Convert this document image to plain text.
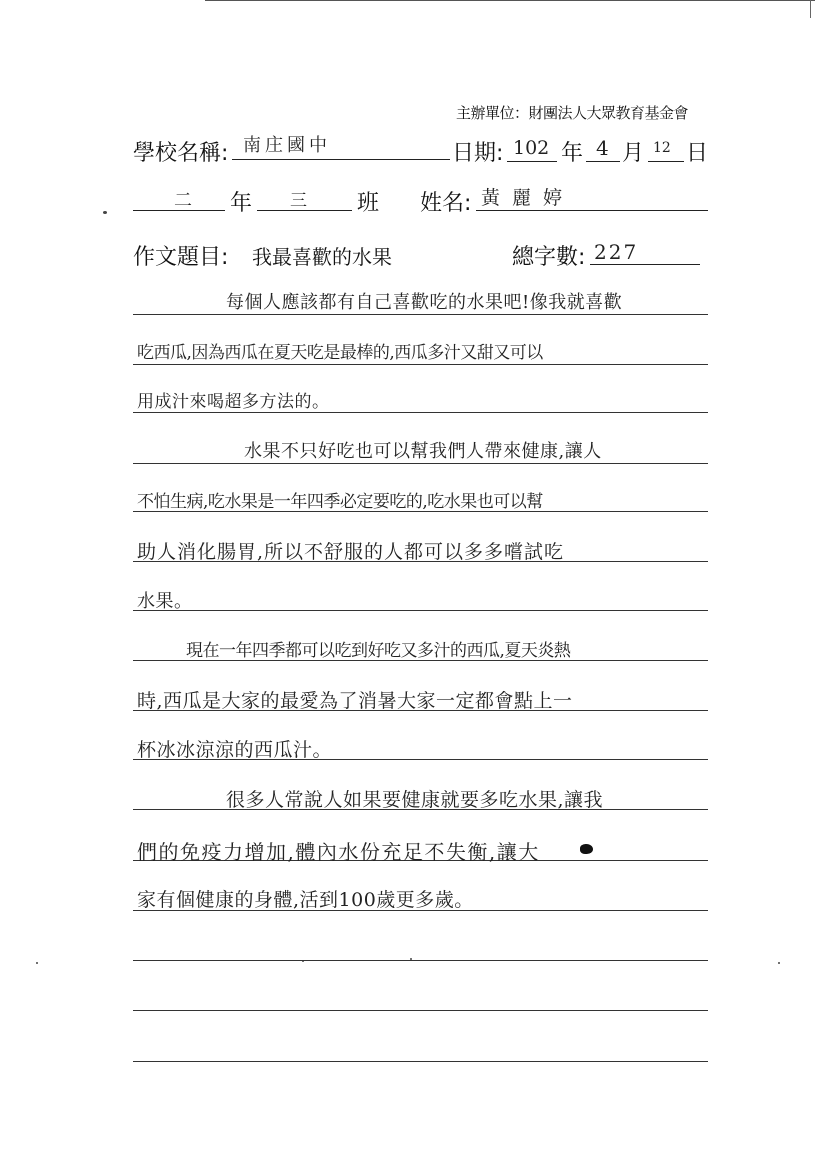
主辦單位：財團法人大眾教育基金會
學校名稱: 南庄國中	日期: 102 年 4 月 12 日
二 年 三 班 姓名: 黃麗婷
作文題目: 我最喜歡的水果	總字數: 227
每個人應該都有自己喜歡吃的水果吧!像我就喜歡
吃西瓜,因為西瓜在夏天吃是最棒的,西瓜多汁又甜又可以
用成汁來喝超多方法的。
水果不只好吃也可以幫我們人帶來健康,讓人
不怕生病,吃水果是一年四季必定要吃的,吃水果也可以幫
助人消化腸胃,所以不舒服的人都可以多多嚐試吃
水果。
現在一年四季都可以吃到好吃又多汁的西瓜,夏天炎熱
時,西瓜是大家的最愛為了消暑大家一定都會點上一
杯冰冰涼涼的西瓜汁。
很多人常說人如果要健康就要多吃水果,讓我
們的免疫力增加,體內水份充足不失衡,讓大
家有個健康的身體,活到100歲更多歲。
